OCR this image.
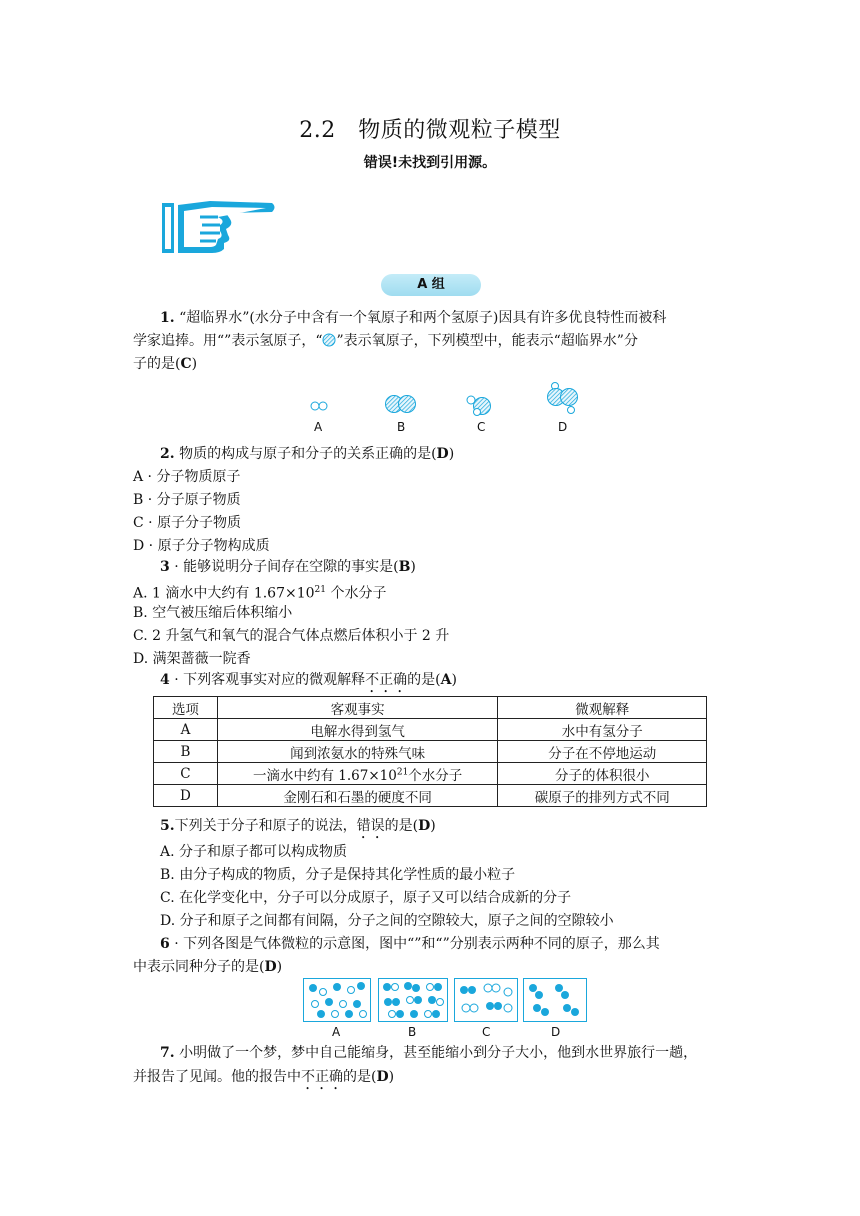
2.2　物质的微观粒子模型
错误!未找到引用源。
A 组
1. “超临界水”(水分子中含有一个氧原子和两个氢原子)因具有许多优良特性而被科
学家追捧。用“”表示氢原子，“ ”表示氧原子，下列模型中，能表示“超临界水”分
子的是(C)
A	B	C	D
2. 物质的构成与原子和分子的关系正确的是(D)
A · 分子物质原子
B · 分子原子物质
C · 原子分子物质
D · 原子分子物构成质
3 · 能够说明分子间存在空隙的事实是(B)
A. 1 滴水中大约有 $1.67\times 10^{21}$ 个水分子
B. 空气被压缩后体积缩小
C. 2 升氢气和氧气的混合气体点燃后体积小于 2 升
D. 满架蔷薇一院香
4 · 下列客观事实对应的微观解释不正确的是(A)
选项	客观事实	微观解释
A	电解水得到氢气	水中有氢分子
B	闻到浓氨水的特殊气味	分子在不停地运动
C	一滴水中约有 $1.67\times 10^{21}$个水分子	分子的体积很小
D	金刚石和石墨的硬度不同	碳原子的排列方式不同
5.下列关于分子和原子的说法，错误的是(D)
A. 分子和原子都可以构成物质
B. 由分子构成的物质，分子是保持其化学性质的最小粒子
C. 在化学变化中，分子可以分成原子，原子又可以结合成新的分子
D. 分子和原子之间都有间隔，分子之间的空隙较大，原子之间的空隙较小
6 · 下列各图是气体微粒的示意图，图中“”和“”分别表示两种不同的原子，那么其
中表示同种分子的是(D)
A	B	C	D
7. 小明做了一个梦，梦中自己能缩身，甚至能缩小到分子大小，他到水世界旅行一趟，
并报告了见闻。他的报告中不正确的是(D)
